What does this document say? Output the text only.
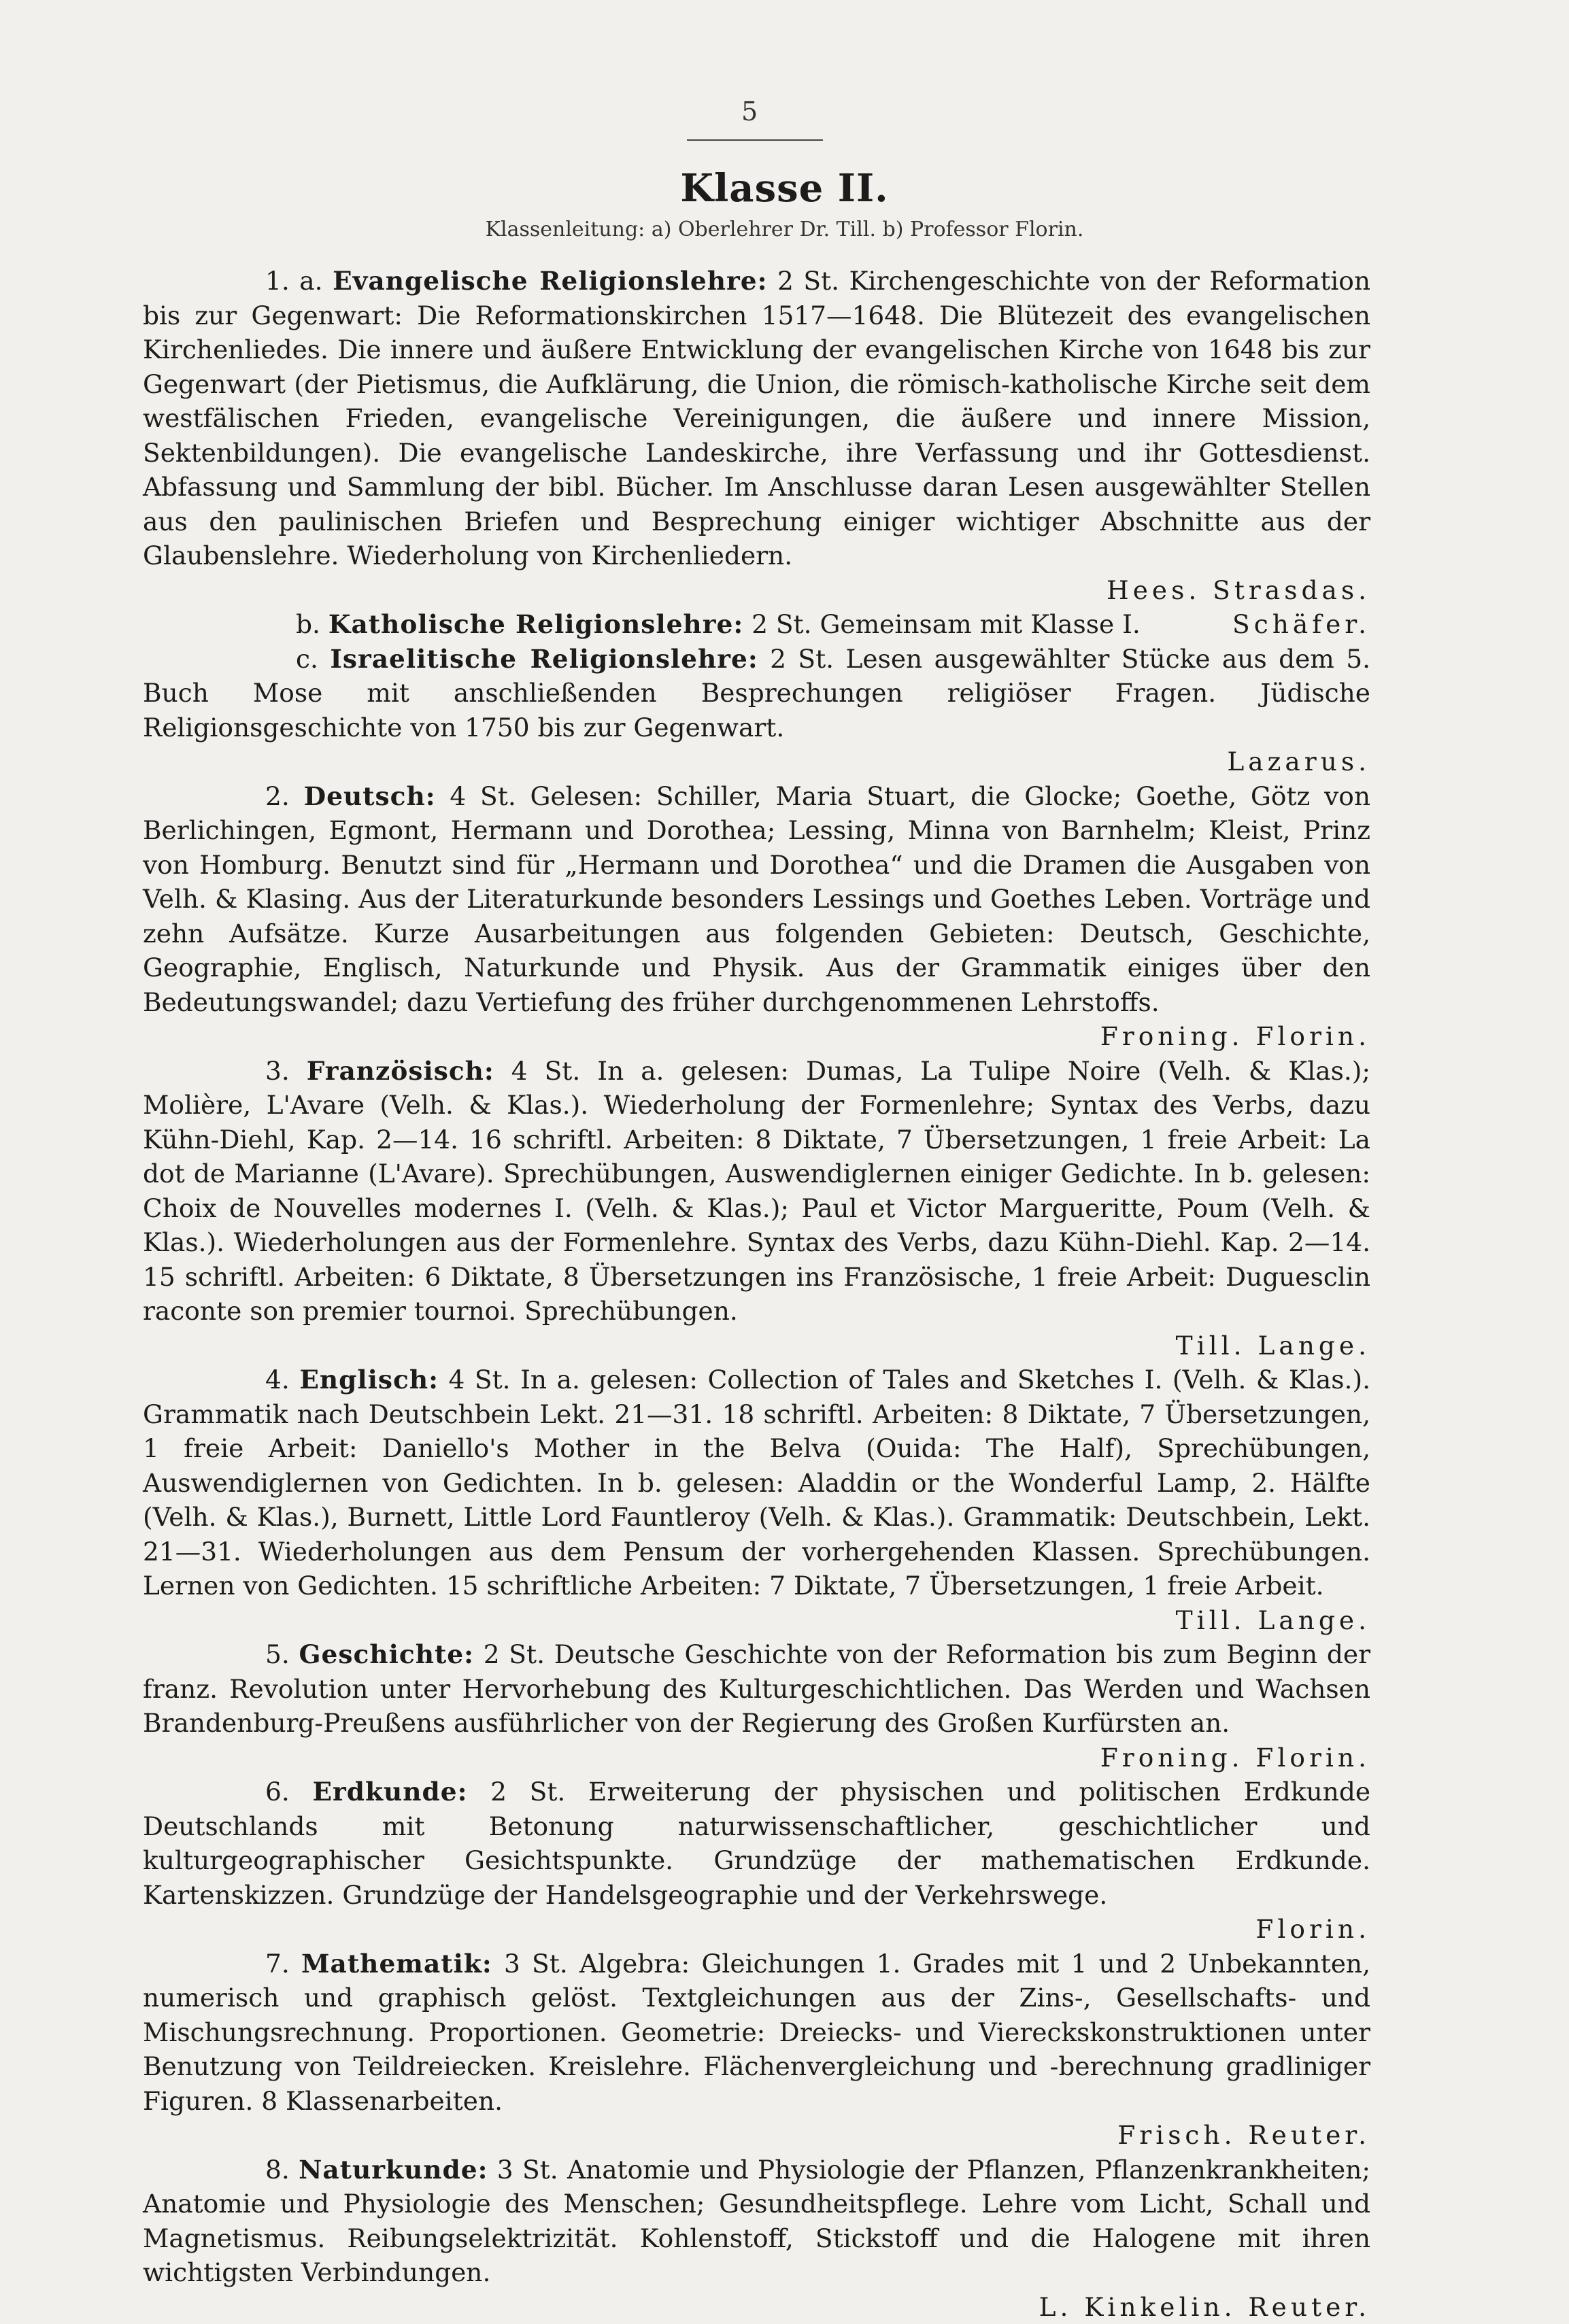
5
Klasse II.
Klassenleitung: a) Oberlehrer Dr. Till. b) Professor Florin.

1. a. Evangelische Religionslehre: 2 St. Kirchengeschichte von der Reformation bis zur Gegenwart: Die Reformationskirchen 1517—1648. Die Blütezeit des evangelischen Kirchenliedes. Die innere und äußere Entwicklung der evangelischen Kirche von 1648 bis zur Gegenwart (der Pietismus, die Aufklärung, die Union, die römisch-katholische Kirche seit dem westfälischen Frieden, evangelische Vereinigungen, die äußere und innere Mission, Sektenbildungen). Die evangelische Landeskirche, ihre Verfassung und ihr Gottesdienst. Abfassung und Sammlung der bibl. Bücher. Im Anschlusse daran Lesen ausgewählter Stellen aus den paulinischen Briefen und Besprechung einiger wichtiger Abschnitte aus der Glaubenslehre. Wiederholung von Kirchenliedern.

Hees. Strasdas.

b. Katholische Religionslehre: 2 St. Gemeinsam mit Klasse I.	Schäfer.

c. Israelitische Religionslehre: 2 St. Lesen ausgewählter Stücke aus dem 5. Buch Mose mit anschließenden Besprechungen religiöser Fragen. Jüdische Religionsgeschichte von 1750 bis zur Gegenwart.

Lazarus.

2. Deutsch: 4 St. Gelesen: Schiller, Maria Stuart, die Glocke; Goethe, Götz von Berlichingen, Egmont, Hermann und Dorothea; Lessing, Minna von Barnhelm; Kleist, Prinz von Homburg. Benutzt sind für „Hermann und Dorothea“ und die Dramen die Ausgaben von Velh. & Klasing. Aus der Literaturkunde besonders Lessings und Goethes Leben. Vorträge und zehn Aufsätze. Kurze Ausarbeitungen aus folgenden Gebieten: Deutsch, Geschichte, Geographie, Englisch, Naturkunde und Physik. Aus der Grammatik einiges über den Bedeutungswandel; dazu Vertiefung des früher durchgenommenen Lehrstoffs.

Froning. Florin.

3. Französisch: 4 St. In a. gelesen: Dumas, La Tulipe Noire (Velh. & Klas.); Molière, L'Avare (Velh. & Klas.). Wiederholung der Formenlehre; Syntax des Verbs, dazu Kühn-Diehl, Kap. 2—14. 16 schriftl. Arbeiten: 8 Diktate, 7 Übersetzungen, 1 freie Arbeit: La dot de Marianne (L'Avare). Sprechübungen, Auswendiglernen einiger Gedichte. In b. gelesen: Choix de Nouvelles modernes I. (Velh. & Klas.); Paul et Victor Margueritte, Poum (Velh. & Klas.). Wiederholungen aus der Formenlehre. Syntax des Verbs, dazu Kühn-Diehl. Kap. 2—14. 15 schriftl. Arbeiten: 6 Diktate, 8 Übersetzungen ins Französische, 1 freie Arbeit: Duguesclin raconte son premier tournoi. Sprechübungen.

Till. Lange.

4. Englisch: 4 St. In a. gelesen: Collection of Tales and Sketches I. (Velh. & Klas.). Grammatik nach Deutschbein Lekt. 21—31. 18 schriftl. Arbeiten: 8 Diktate, 7 Übersetzungen, 1 freie Arbeit: Daniello's Mother in the Belva (Ouida: The Half), Sprechübungen, Auswendiglernen von Gedichten. In b. gelesen: Aladdin or the Wonderful Lamp, 2. Hälfte (Velh. & Klas.), Burnett, Little Lord Fauntleroy (Velh. & Klas.). Grammatik: Deutschbein, Lekt. 21—31. Wiederholungen aus dem Pensum der vorhergehenden Klassen. Sprechübungen. Lernen von Gedichten. 15 schriftliche Arbeiten: 7 Diktate, 7 Übersetzungen, 1 freie Arbeit.

Till. Lange.

5. Geschichte: 2 St. Deutsche Geschichte von der Reformation bis zum Beginn der franz. Revolution unter Hervorhebung des Kulturgeschichtlichen. Das Werden und Wachsen Brandenburg-Preußens ausführlicher von der Regierung des Großen Kurfürsten an.

Froning. Florin.

6. Erdkunde: 2 St. Erweiterung der physischen und politischen Erdkunde Deutschlands mit Betonung naturwissenschaftlicher, geschichtlicher und kulturgeographischer Gesichtspunkte. Grundzüge der mathematischen Erdkunde. Kartenskizzen. Grundzüge der Handelsgeographie und der Verkehrswege.

Florin.

7. Mathematik: 3 St. Algebra: Gleichungen 1. Grades mit 1 und 2 Unbekannten, numerisch und graphisch gelöst. Textgleichungen aus der Zins-, Gesellschafts- und Mischungsrechnung. Proportionen. Geometrie: Dreiecks- und Viereckskonstruktionen unter Benutzung von Teildreiecken. Kreislehre. Flächenvergleichung und -berechnung gradliniger Figuren. 8 Klassenarbeiten.

Frisch. Reuter.

8. Naturkunde: 3 St. Anatomie und Physiologie der Pflanzen, Pflanzenkrankheiten; Anatomie und Physiologie des Menschen; Gesundheitspflege. Lehre vom Licht, Schall und Magnetismus. Reibungselektrizität. Kohlenstoff, Stickstoff und die Halogene mit ihren wichtigsten Verbindungen.

L. Kinkelin. Reuter.
